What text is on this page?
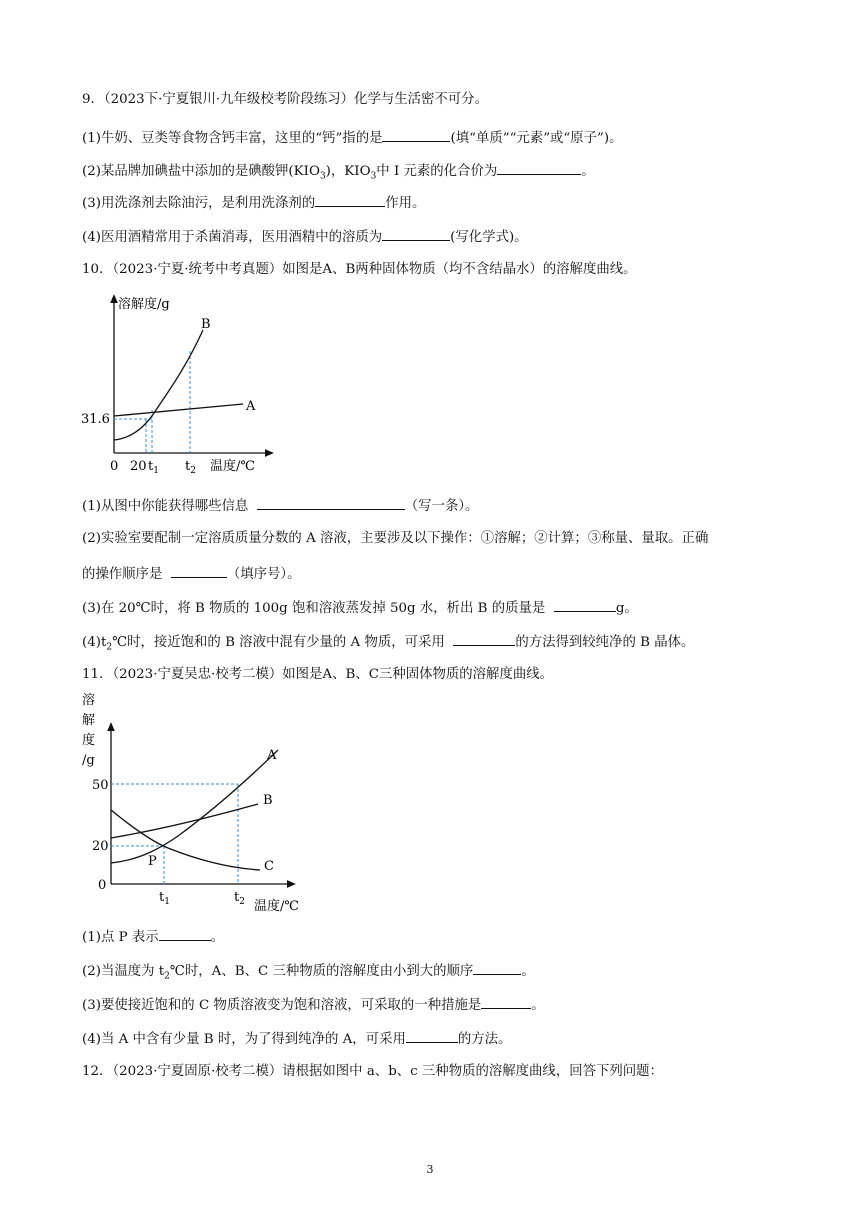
9．（2023下·宁夏银川·九年级校考阶段练习）化学与生活密不可分。
(1)牛奶、豆类等食物含钙丰富，这里的“钙”指的是	(填“单质”“元素”或“原子”)。
(2)某品牌加碘盐中添加的是碘酸钾$(KIO_3)$，$KIO_3$中 I 元素的化合价为	。
(3)用洗涤剂去除油污，是利用洗涤剂的	作用。
(4)医用酒精常用于杀菌消毒，医用酒精中的溶质为	(写化学式)。
10．（2023·宁夏·统考中考真题）如图是A、B两种固体物质（均不含结晶水）的溶解度曲线。
溶解度/g
31.6
0 20 $t_1$ $t_2$ 温度/℃
A
B
(1)从图中你能获得哪些信息	（写一条）。
(2)实验室要配制一定溶质质量分数的 A 溶液，主要涉及以下操作：①溶解；②计算；③称量、量取。正确
的操作顺序是	（填序号）。
(3)在 20℃时，将 B 物质的 100g 饱和溶液蒸发掉 50g 水，析出 B 的质量是	g。
$(4)t_2℃$时，接近饱和的 B 溶液中混有少量的 A 物质，可采用	的方法得到较纯净的 B 晶体。
11．（2023·宁夏吴忠·校考二模）如图是A、B、C三种固体物质的溶解度曲线。
溶
解
度
/g
50
20
0
$t_1$	$t_2$ 温度/℃
P
A
B
C
(1)点 P 表示	。
(2)当温度为 $t_2℃$时，A、B、C 三种物质的溶解度由小到大的顺序	。
(3)要使接近饱和的 C 物质溶液变为饱和溶液，可采取的一种措施是	。
(4)当 A 中含有少量 B 时，为了得到纯净的 A，可采用	的方法。
12．（2023·宁夏固原·校考二模）请根据如图中 a、b、c 三种物质的溶解度曲线，回答下列问题：
3
